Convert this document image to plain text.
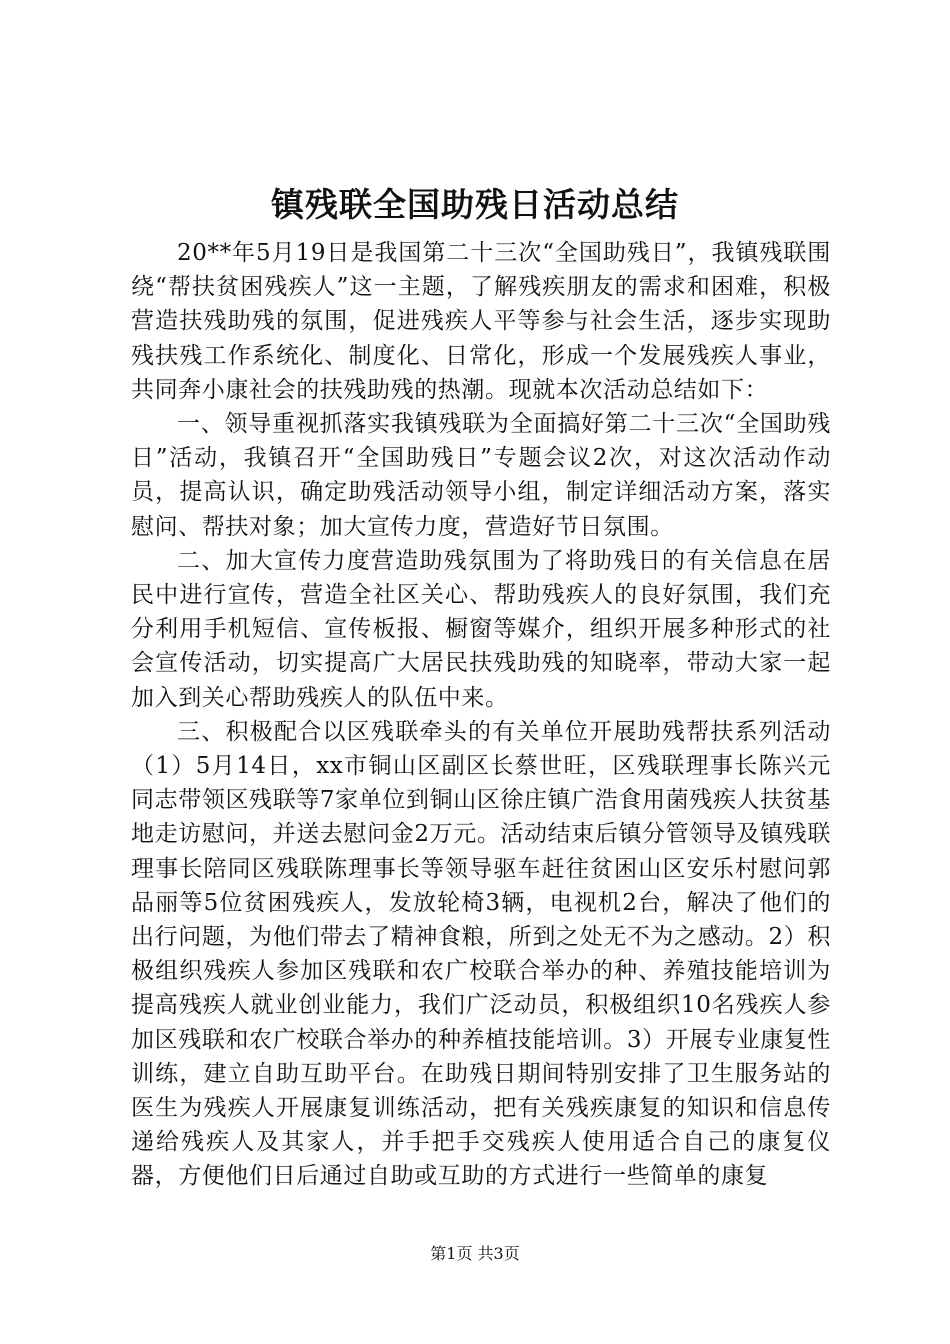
镇残联全国助残日活动总结

20**年5月19日是我国第二十三次“全国助残日”，我镇残联围绕“帮扶贫困残疾人”这一主题，了解残疾朋友的需求和困难，积极营造扶残助残的氛围，促进残疾人平等参与社会生活，逐步实现助残扶残工作系统化、制度化、日常化，形成一个发展残疾人事业，共同奔小康社会的扶残助残的热潮。现就本次活动总结如下：

一、领导重视抓落实我镇残联为全面搞好第二十三次“全国助残日”活动，我镇召开“全国助残日”专题会议2次，对这次活动作动员，提高认识，确定助残活动领导小组，制定详细活动方案，落实慰问、帮扶对象；加大宣传力度，营造好节日氛围。

二、加大宣传力度营造助残氛围为了将助残日的有关信息在居民中进行宣传，营造全社区关心、帮助残疾人的良好氛围，我们充分利用手机短信、宣传板报、橱窗等媒介，组织开展多种形式的社会宣传活动，切实提高广大居民扶残助残的知晓率，带动大家一起加入到关心帮助残疾人的队伍中来。

三、积极配合以区残联牵头的有关单位开展助残帮扶系列活动（1）5月14日，xx市铜山区副区长蔡世旺，区残联理事长陈兴元同志带领区残联等7家单位到铜山区徐庄镇广浩食用菌残疾人扶贫基地走访慰问，并送去慰问金2万元。活动结束后镇分管领导及镇残联理事长陪同区残联陈理事长等领导驱车赶往贫困山区安乐村慰问郭品丽等5位贫困残疾人，发放轮椅3辆，电视机2台，解决了他们的出行问题，为他们带去了精神食粮，所到之处无不为之感动。2）积极组织残疾人参加区残联和农广校联合举办的种、养殖技能培训为提高残疾人就业创业能力，我们广泛动员，积极组织10名残疾人参加区残联和农广校联合举办的种养植技能培训。3）开展专业康复性训练，建立自助互助平台。在助残日期间特别安排了卫生服务站的医生为残疾人开展康复训练活动，把有关残疾康复的知识和信息传递给残疾人及其家人，并手把手交残疾人使用适合自己的康复仪器，方便他们日后通过自助或互助的方式进行一些简单的康复

第1页 共3页
